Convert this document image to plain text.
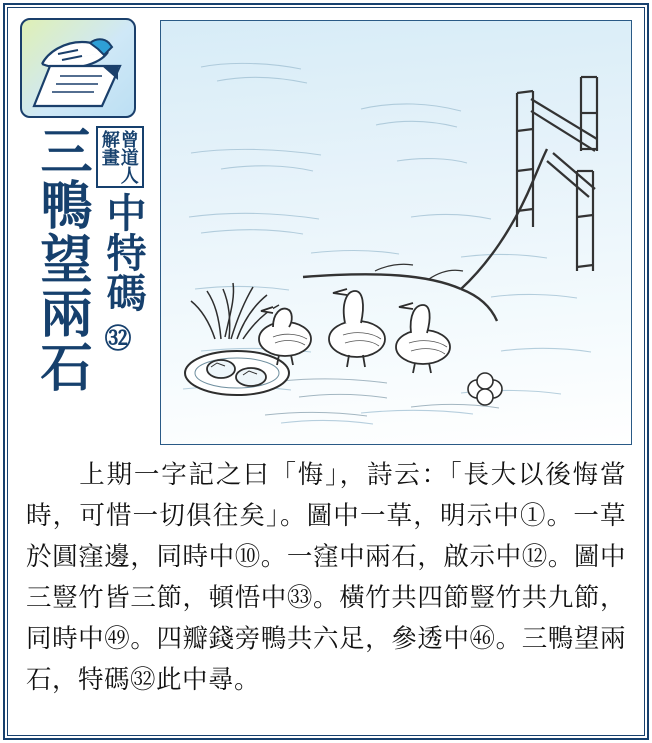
三鴨望兩石	曾道人解畫
中特碼
㉜
上期一字記之曰「悔」，詩云：「長大以後悔當時，可惜一切俱往矣」。圖中一草，明示中①。一草於圓窪邊，同時中⑩。一窪中兩石，啟示中⑫。圖中三豎竹皆三節，頓悟中㉝。橫竹共四節豎竹共九節，同時中㊾。四瓣錢旁鴨共六足，參透中㊻。三鴨望兩石，特碼㉜此中尋。
